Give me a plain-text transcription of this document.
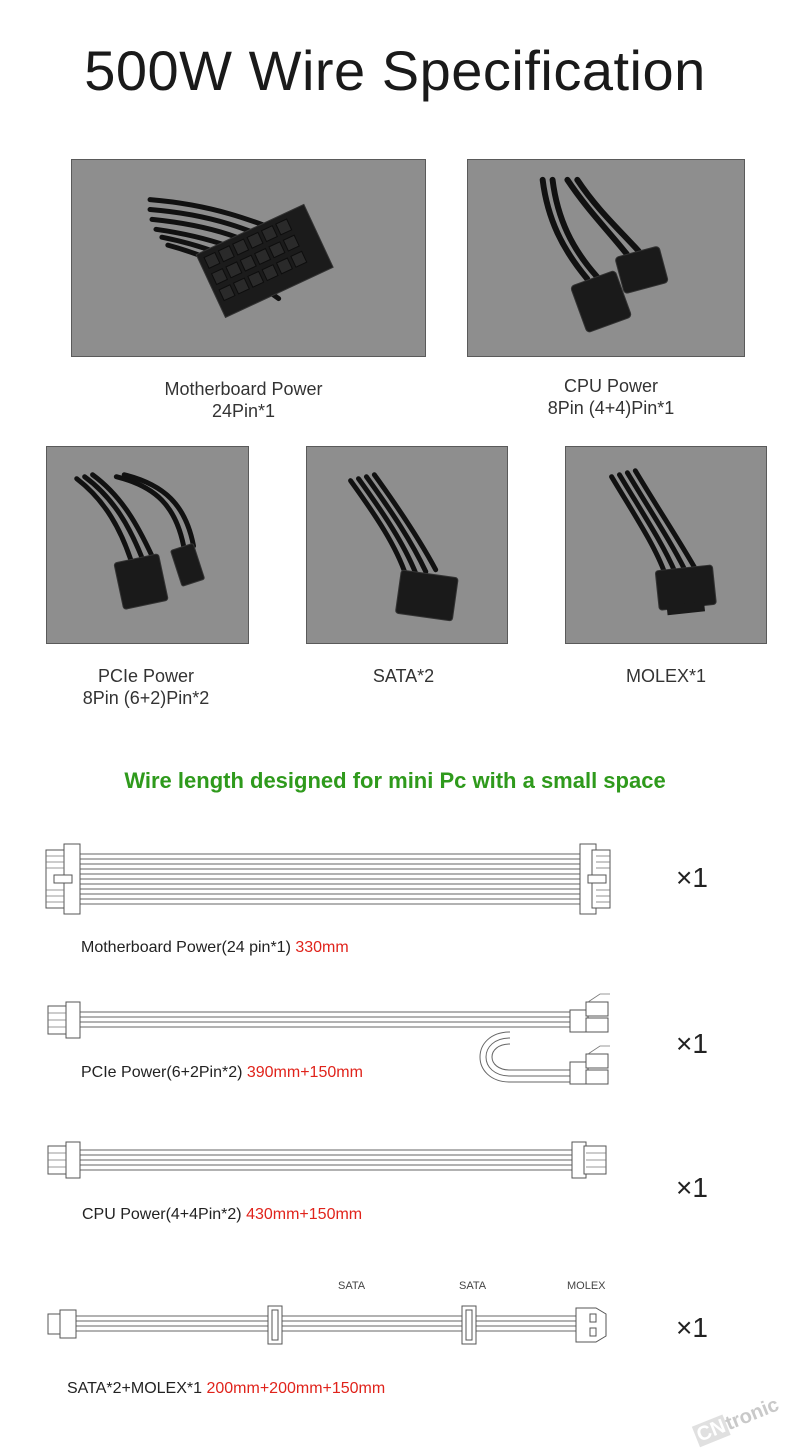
500W Wire Specification
Motherboard Power
24Pin*1
CPU Power
8Pin (4+4)Pin*1
PCIe Power
8Pin (6+2)Pin*2
SATA*2	MOLEX*1
Wire length designed for mini Pc with a small space
×1
Motherboard Power(24 pin*1) 330mm
×1
PCIe Power(6+2Pin*2) 390mm+150mm
×1
CPU Power(4+4Pin*2) 430mm+150mm
SATA	SATA	MOLEX
×1
SATA*2+MOLEX*1 200mm+200mm+150mm
CNtronic
